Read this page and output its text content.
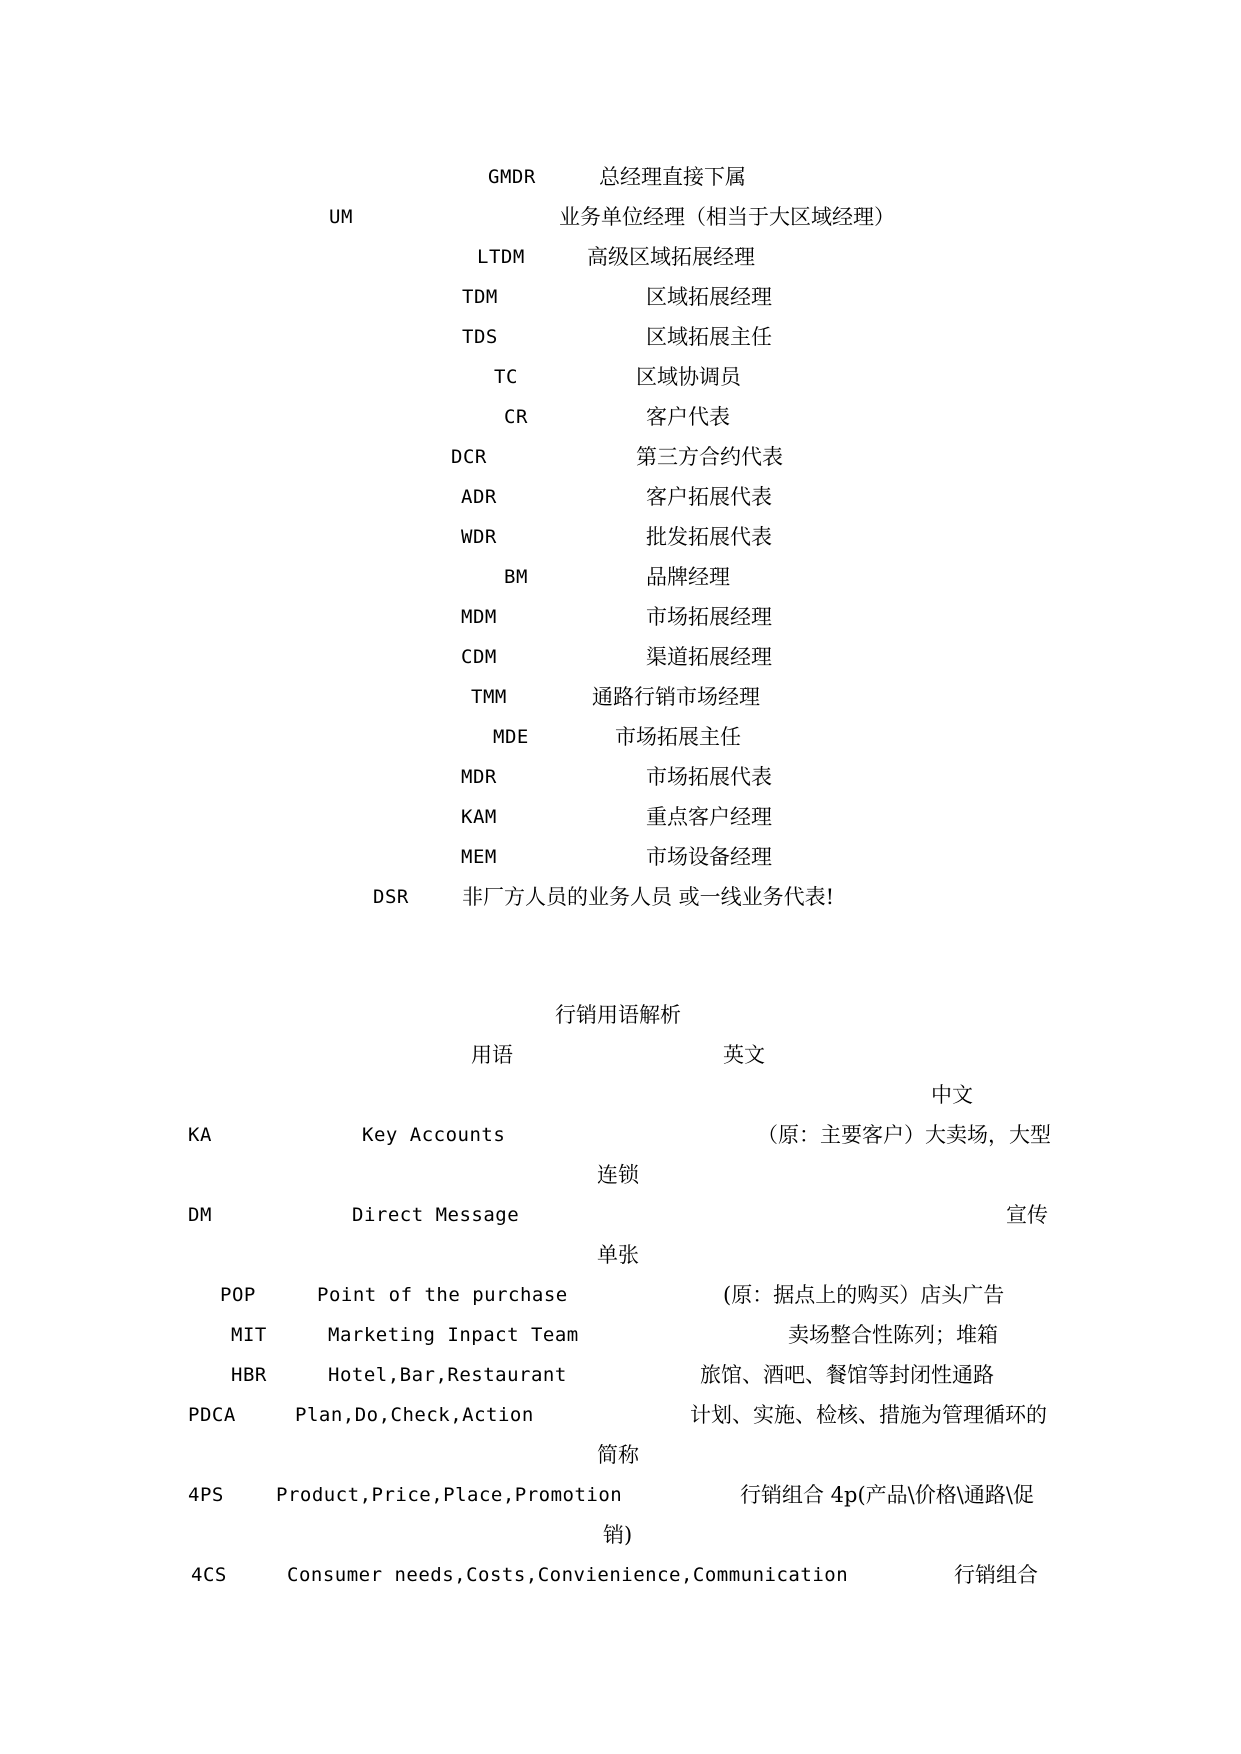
GMDR	总经理直接下属
UM	业务单位经理（相当于大区域经理）
LTDM	高级区域拓展经理
TDM	区域拓展经理
TDS	区域拓展主任
TC	区域协调员
CR	客户代表
DCR	第三方合约代表
ADR	客户拓展代表
WDR	批发拓展代表
BM	品牌经理
MDM	市场拓展经理
CDM	渠道拓展经理
TMM	通路行销市场经理
MDE	市场拓展主任
MDR	市场拓展代表
KAM	重点客户经理
MEM	市场设备经理
DSR	非厂方人员的业务人员 或一线业务代表!
行销用语解析
用语	英文
中文
KA	Key Accounts	（原：主要客户）大卖场，大型
连锁
DM	Direct Message	宣传
单张
POP	Point of the purchase	(原：据点上的购买）店头广告
MIT	Marketing Inpact Team	卖场整合性陈列；堆箱
HBR	Hotel,Bar,Restaurant	旅馆、酒吧、餐馆等封闭性通路
PDCA	Plan,Do,Check,Action	计划、实施、检核、措施为管理循环的
简称
4PS	Product,Price,Place,Promotion	行销组合 4p(产品\价格\通路\促
销)
4CS	Consumer needs,Costs,Convienience,Communication	行销组合
